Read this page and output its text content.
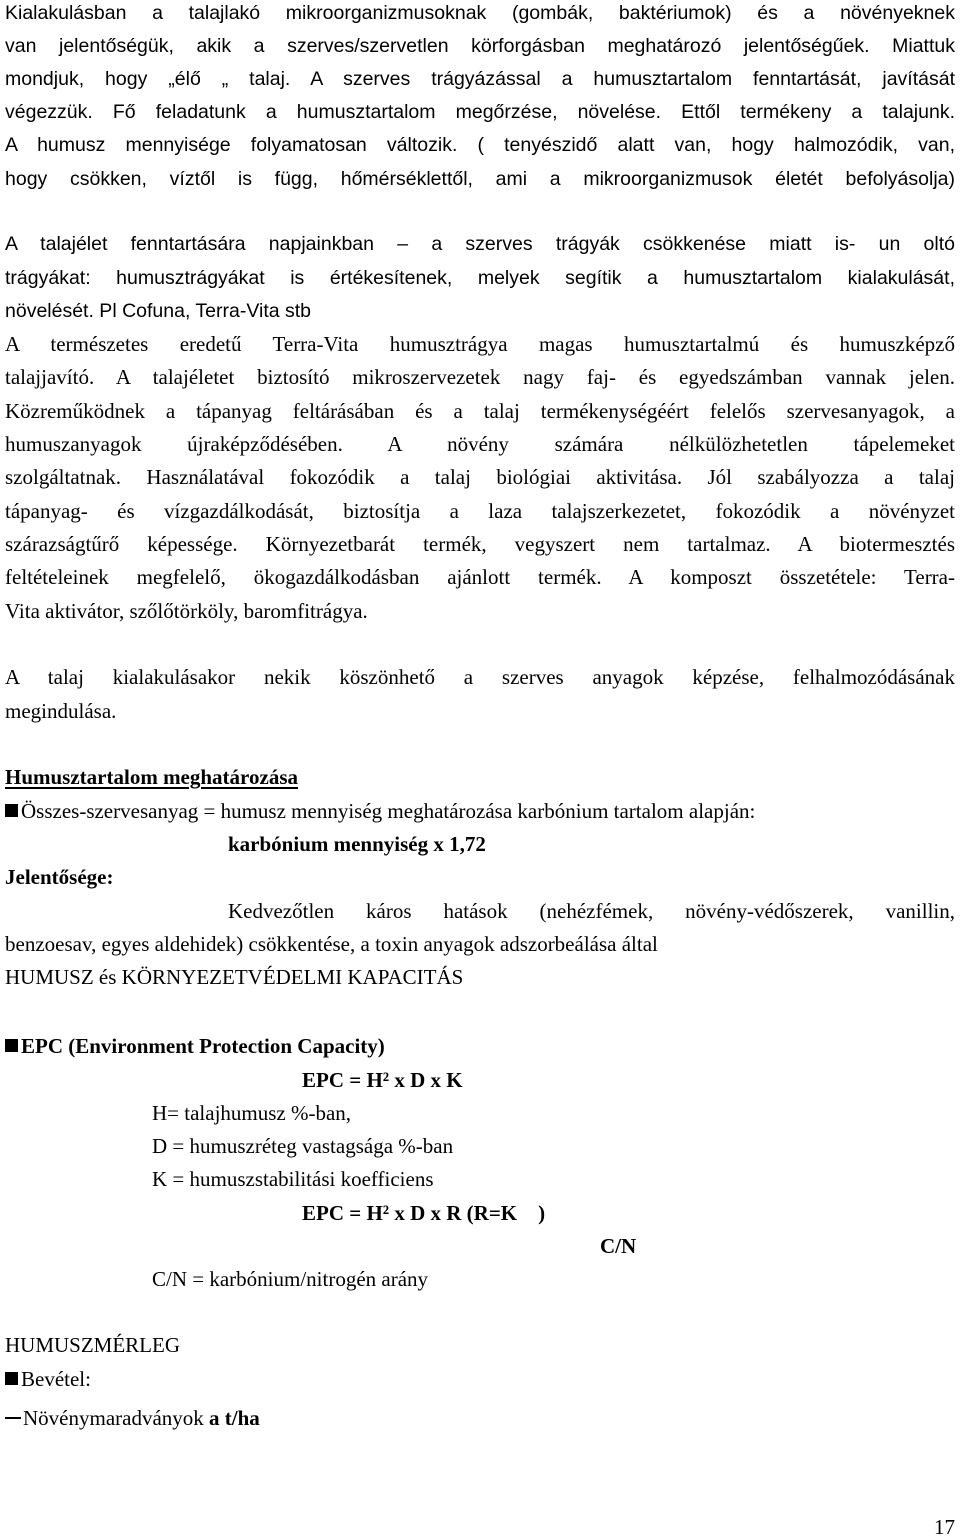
Kialakulásban a talajlakó mikroorganizmusoknak (gombák, baktériumok) és a növényeknek
van jelentőségük, akik a szerves/szervetlen körforgásban meghatározó jelentőségűek. Miattuk
mondjuk, hogy „élő „ talaj. A szerves trágyázással a humusztartalom fenntartását, javítását
végezzük. Fő feladatunk a humusztartalom megőrzése, növelése. Ettől termékeny a talajunk.
A humusz mennyisége folyamatosan változik. ( tenyészidő alatt van, hogy halmozódik, van,
hogy csökken, víztől is függ, hőmérséklettől, ami a mikroorganizmusok életét befolyásolja)
A talajélet fenntartására napjainkban – a szerves trágyák csökkenése miatt is- un oltó
trágyákat: humusztrágyákat is értékesítenek, melyek segítik a humusztartalom kialakulását,
növelését. Pl Cofuna, Terra-Vita stb
A természetes eredetű Terra-Vita humusztrágya magas humusztartalmú és humuszképző
talajjavító. A talajéletet biztosító mikroszervezetek nagy faj- és egyedszámban vannak jelen.
Közreműködnek a tápanyag feltárásában és a talaj termékenységéért felelős szervesanyagok, a
humuszanyagok újraképződésében. A növény számára nélkülözhetetlen tápelemeket
szolgáltatnak. Használatával fokozódik a talaj biológiai aktivitása. Jól szabályozza a talaj
tápanyag- és vízgazdálkodását, biztosítja a laza talajszerkezetet, fokozódik a növényzet
szárazságtűrő képessége. Környezetbarát termék, vegyszert nem tartalmaz. A biotermesztés
feltételeinek megfelelő, ökogazdálkodásban ajánlott termék. A komposzt összetétele: Terra-
Vita aktivátor, szőlőtörköly, baromfitrágya.
A talaj kialakulásakor nekik köszönhető a szerves anyagok képzése, felhalmozódásának
megindulása.
Humusztartalom meghatározása
Összes-szervesanyag = humusz mennyiség meghatározása karbónium tartalom alapján:
karbónium mennyiség x 1,72
Jelentősége:
Kedvezőtlen káros hatások (nehézfémek, növény-védőszerek, vanillin,
benzoesav, egyes aldehidek) csökkentése, a toxin anyagok adszorbeálása által
HUMUSZ és KÖRNYEZETVÉDELMI KAPACITÁS
EPC (Environment Protection Capacity)
EPC = H² x D x K
H= talajhumusz %-ban,
D = humuszréteg vastagsága %-ban
K = humuszstabilitási koefficiens
EPC = H² x D x R (R=K    )
C/N
C/N = karbónium/nitrogén arány
HUMUSZMÉRLEG
Bevétel:
Növénymaradványok a t/ha
17
